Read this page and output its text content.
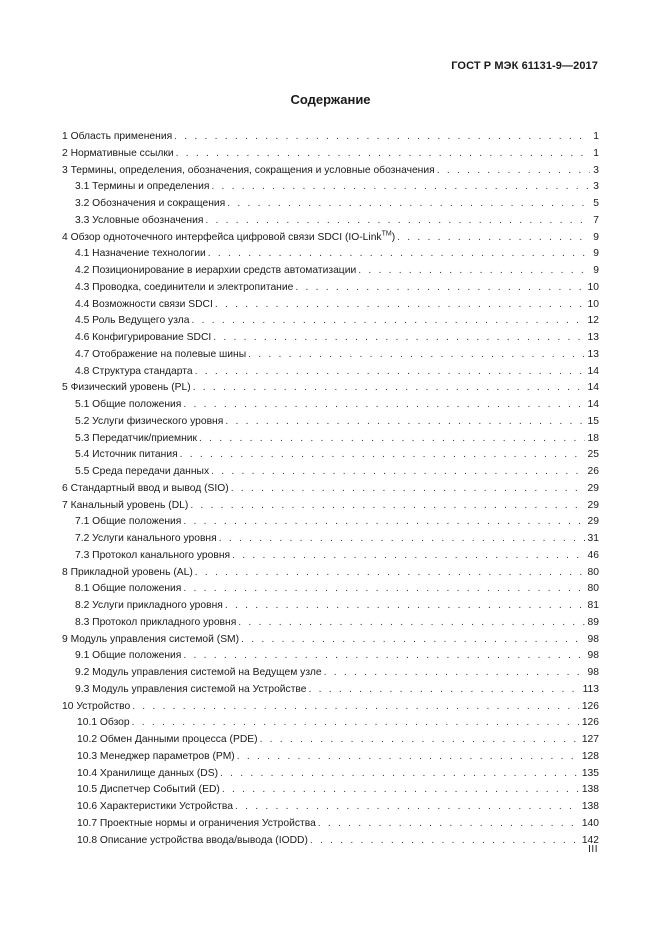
ГОСТ Р МЭК 61131-9—2017
Содержание
1 Область применения . . .	1
2 Нормативные ссылки . . .	1
3 Термины, определения, обозначения, сокращения и условные обозначения . . .	3
3.1 Термины и определения . . .	3
3.2 Обозначения и сокращения . . .	5
3.3 Условные обозначения . . .	7
4 Обзор одноточечного интерфейса цифровой связи SDCI (IO-Link™) . . .	9
4.1 Назначение технологии . . .	9
4.2 Позиционирование в иерархии средств автоматизации . . .	9
4.3 Проводка, соединители и электропитание . . .	10
4.4 Возможности связи SDCI . . .	10
4.5 Роль Ведущего узла . . .	12
4.6 Конфигурирование SDCI . . .	13
4.7 Отображение на полевые шины . . .	13
4.8 Структура стандарта . . .	14
5 Физический уровень (PL) . . .	14
5.1 Общие положения . . .	14
5.2 Услуги физического уровня . . .	15
5.3 Передатчик/приемник . . .	18
5.4 Источник питания . . .	25
5.5 Среда передачи данных . . .	26
6 Стандартный ввод и вывод (SIO) . . .	29
7 Канальный уровень (DL) . . .	29
7.1 Общие положения . . .	29
7.2 Услуги канального уровня . . .	31
7.3 Протокол канального уровня . . .	46
8 Прикладной уровень (AL) . . .	80
8.1 Общие положения . . .	80
8.2 Услуги прикладного уровня . . .	81
8.3 Протокол прикладного уровня . . .	89
9 Модуль управления системой (SM) . . .	98
9.1 Общие положения . . .	98
9.2 Модуль управления системой на Ведущем узле . . .	98
9.3 Модуль управления системой на Устройстве . . .	113
10 Устройство . . .	126
10.1 Обзор . . .	126
10.2 Обмен Данными процесса (PDE) . . .	127
10.3 Менеджер параметров (PM) . . .	128
10.4 Хранилище данных (DS) . . .	135
10.5 Диспетчер Событий (ED) . . .	138
10.6 Характеристики Устройства . . .	138
10.7 Проектные нормы и ограничения Устройства . . .	140
10.8 Описание устройства ввода/вывода (IODD) . . .	142
III
